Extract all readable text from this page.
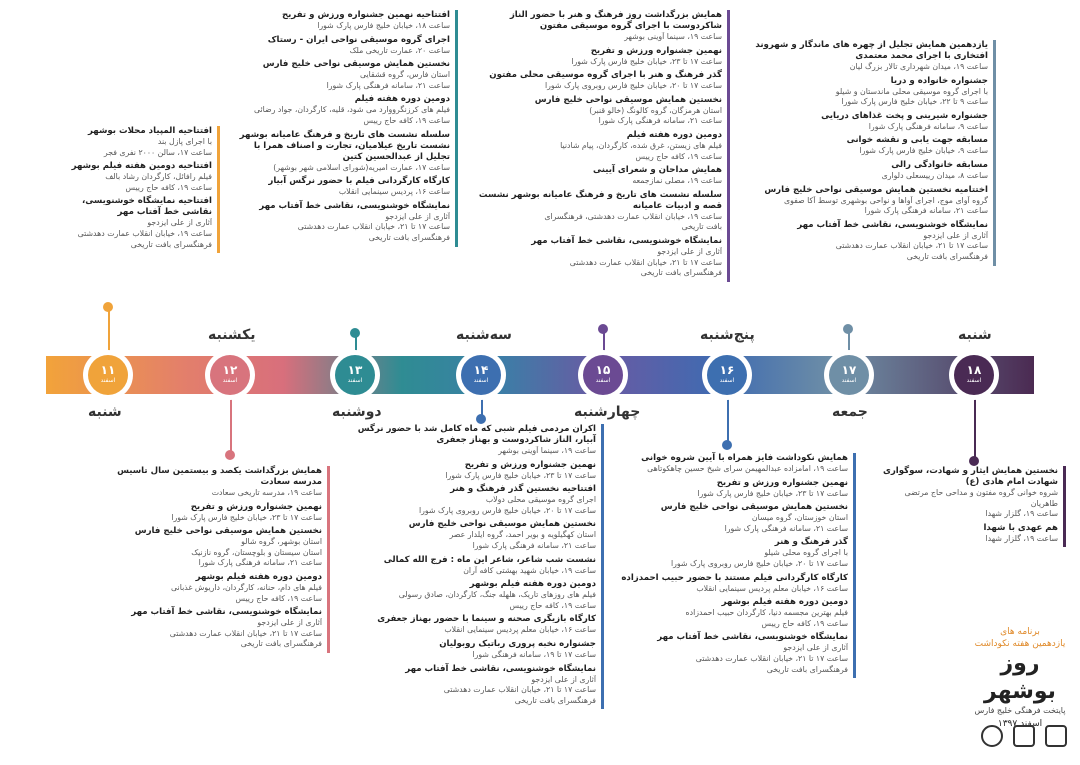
۱۱
اسفند
۱۲
اسفند
۱۳
اسفند
۱۴
اسفند
۱۵
اسفند
۱۶
اسفند
۱۷
اسفند
۱۸
اسفند
شنبه
یکشنبه
دوشنبه
سه‌شنبه
چهارشنبه
پنج‌شنبه
جمعه
شنبه
افتتاحیه المپیاد محلات بوشهر
با اجرای پازل بند
ساعت ۱۷، سالن ۲۰۰۰ نفری فجر
افتتاحیه دومین هفته فیلم بوشهر
فیلم رافائل، کارگردان رشاد بالف
ساعت ۱۹، کافه حاج رییس
افتتاحیه نمایشگاه خوشنویسی، نقاشی خط آفتاب مهر
آثاری از علی ایزدجو
ساعت ۱۹، خیابان انقلاب عمارت دهدشتی
فرهنگسرای بافت تاریخی
افتتاحیه نهمین جشنواره ورزش و تفریح
ساعت ۱۸، خیابان خلیج فارس پارک شورا
اجرای گروه موسیقی نواحی ایران - رستاک
ساعت ۲۰، عمارت تاریخی ملک
نخستین همایش موسیقی نواحی خلیج فارس
استان فارس، گروه قشقایی
ساعت ۲۱، سامانه فرهنگی پارک شورا
دومین دوره هفته فیلم
فیلم های کرزنگرووارد می شود، قلیه، کارگردان، جواد رضائی
ساعت ۱۹، کافه حاج رییس
سلسله نشست های تاریخ و فرهنگ عامیانه بوشهر نشست تاریخ عیلامیان، تجارت و اصناف همرا با تجلیل از عبدالحسین کتین
ساعت ۱۷، عمارت امیریه(شورای اسلامی شهر بوشهر)
کارگاه کارگردانی فیلم با حضور نرگس آبیار
ساعت ۱۶، پردیس سینمایی انقلاب
نمایشگاه خوشنویسی، نقاشی خط آفتاب مهر
آثاری از علی ایزدجو
ساعت ۱۷ تا ۲۱، خیابان انقلاب عمارت دهدشتی
فرهنگسرای بافت تاریخی
همایش بزرگداشت روز فرهنگ و هنر با حضور الناز شاکردوست با اجرای گروه موسیقی مفتون
ساعت ۱۹، سینما آوینی بوشهر
نهمین جشنواره ورزش و تفریح
ساعت ۱۷ تا ۲۳، خیابان خلیج فارس پارک شورا
گذر فرهنگ و هنر با اجرای گروه موسیقی محلی مفتون
ساعت ۱۷ تا ۲۰، خیابان خلیج فارس روبروی پارک شورا
نخستین همایش موسیقی نواحی خلیج فارس
استان هرمزگان، گروه کالونگ (خالو قنبر)
ساعت ۲۱، سامانه فرهنگی پارک شورا
دومین دوره هفته فیلم
فیلم های زیستن، غرق شده، کارگردان، پیام شادنیا
ساعت ۱۹، کافه حاج رییس
همایش مداحان و شعرای آیینی
ساعت ۱۹، مصلی نمازجمعه
سلسله نشست های تاریخ و فرهنگ عامیانه بوشهر نشست قصه و ادبیات عامیانه
ساعت ۱۹، خیابان انقلاب عمارت دهدشتی، فرهنگسرای
بافت تاریخی
نمایشگاه خوشنویسی، نقاشی خط آفتاب مهر
آثاری از علی ایزدجو
ساعت ۱۷ تا ۲۱، خیابان انقلاب عمارت دهدشتی
فرهنگسرای بافت تاریخی
یازدهمین همایش تجلیل از چهره های ماندگار و شهروند افتخاری با اجرای محمد معتمدی
ساعت ۱۹، میدان شهرداری تالار بزرگ لیان
جشنواره خانواده و دریا
با اجرای گروه موسیقی محلی ماندستان و شیلو
ساعت ۹ تا ۲۲، خیابان خلیج فارس پارک شورا
جشنواره شیرینی و پخت غذاهای دریایی
ساعت ۹، سامانه فرهنگی پارک شورا
مسابقه جهت یابی و نقشه خوانی
ساعت ۹، خیابان خلیج فارس پارک شورا
مسابقه خانوادگی رالی
ساعت ۸، میدان رییسعلی دلواری
اختتامیه نخستین همایش موسیقی نواحی خلیج فارس
گروه آوای موج، اجرای آواها و نواحی بوشهری توسط آکا صفوی
ساعت ۲۱، سامانه فرهنگی پارک شورا
نمایشگاه خوشنویسی، نقاشی خط آفتاب مهر
آثاری از علی ایزدجو
ساعت ۱۷ تا ۲۱، خیابان انقلاب عمارت دهدشتی
فرهنگسرای بافت تاریخی
همایش بزرگداشت یکصد و بیستمین سال تاسیس مدرسه سعادت
ساعت ۱۹، مدرسه تاریخی سعادت
نهمین جشنواره ورزش و تفریح
ساعت ۱۷ تا ۲۳، خیابان خلیج فارس پارک شورا
نخستین همایش موسیقی نواحی خلیج فارس
استان بوشهر، گروه شالو
استان سیستان و بلوچستان، گروه نازنیک
ساعت ۲۱، سامانه فرهنگی پارک شورا
دومین دوره هفته فیلم بوشهر
فیلم های دام، حنانه، کارگردان، داریوش غذبانی
ساعت ۱۹، کافه حاج رییس
نمایشگاه خوشنویسی، نقاشی خط آفتاب مهر
آثاری از علی ایزدجو
ساعت ۱۷ تا ۲۱، خیابان انقلاب عمارت دهدشتی
فرهنگسرای بافت تاریخی
اکران مردمی فیلم شبی که ماه کامل شد با حضور نرگس آبیار، الناز شاکردوست و بهناز جعفری
ساعت ۱۹، سینما آوینی بوشهر
نهمین جشنواره ورزش و تفریح
ساعت ۱۷ تا ۲۳، خیابان خلیج فارس پارک شورا
افتتاحیه نخستین گذر فرهنگ و هنر
اجرای گروه موسیقی محلی دولاب
ساعت ۱۷ تا ۲۰، خیابان خلیج فارس روبروی پارک شورا
نخستین همایش موسیقی نواحی خلیج فارس
استان کهگیلویه و بویر احمد، گروه ایلدار عصر
ساعت ۲۱، سامانه فرهنگی پارک شورا
نشست شب شاعر، شاعر این ماه : فرج الله کمالی
ساعت ۱۹، خیابان شهید بهشتی کافه آران
دومین دوره هفته فیلم بوشهر
فیلم های روزهای تاریک، هلهله جنگ، کارگردان، صادق رسولی
ساعت ۱۹، کافه حاج رییس
کارگاه بازیگری صحنه و سینما با حضور بهناز جعفری
ساعت ۱۶، خیابان معلم پردیس سینمایی انقلاب
جشنواره نخبه پروری رباتیک روبولیان
ساعت ۱۷ تا ۱۹، سامانه فرهنگی شورا
نمایشگاه خوشنویسی، نقاشی خط آفتاب مهر
آثاری از علی ایزدجو
ساعت ۱۷ تا ۲۱، خیابان انقلاب عمارت دهدشتی
فرهنگسرای بافت تاریخی
همایش نکوداشت فایز همراه با آیین شروه خوانی
ساعت ۱۹، امامزاده عبدالمهیمن سرای شیخ حسین چاهکوتاهی
نهمین جشنواره ورزش و تفریح
ساعت ۱۷ تا ۲۳، خیابان خلیج فارس پارک شورا
نخستین همایش موسیقی نواحی خلیج فارس
استان خوزستان، گروه میسان
ساعت ۲۱، سامانه فرهنگی پارک شورا
گذر فرهنگ و هنر
با اجرای گروه محلی شیلو
ساعت ۱۷ تا ۲۰، خیابان خلیج فارس روبروی پارک شورا
کارگاه کارگردانی فیلم مستند با حضور حبیب احمدزاده
ساعت ۱۶، خیابان معلم پردیس سینمایی انقلاب
دومین دوره هفته فیلم بوشهر
فیلم بهترین مجسمه دنیا، کارگردان حبیب احمدزاده
ساعت ۱۹، کافه حاج رییس
نمایشگاه خوشنویسی، نقاشی خط آفتاب مهر
آثاری از علی ایزدجو
ساعت ۱۷ تا ۲۱، خیابان انقلاب عمارت دهدشتی
فرهنگسرای بافت تاریخی
نخستین همایش ایثار و شهادت، سوگواری شهادت امام هادی (ع)
شروه خوانی گروه مفتون و مداحی حاج مرتضی
طاهریان
ساعت ۱۹، گلزار شهدا
هم عهدی با شهدا
ساعت ۱۹، گلزار شهدا
برنامه های
یازدهمین هفته نکوداشت
روز بوشهر
پایتخت فرهنگی خلیج فارس
اسفند ۱۳۹۷
